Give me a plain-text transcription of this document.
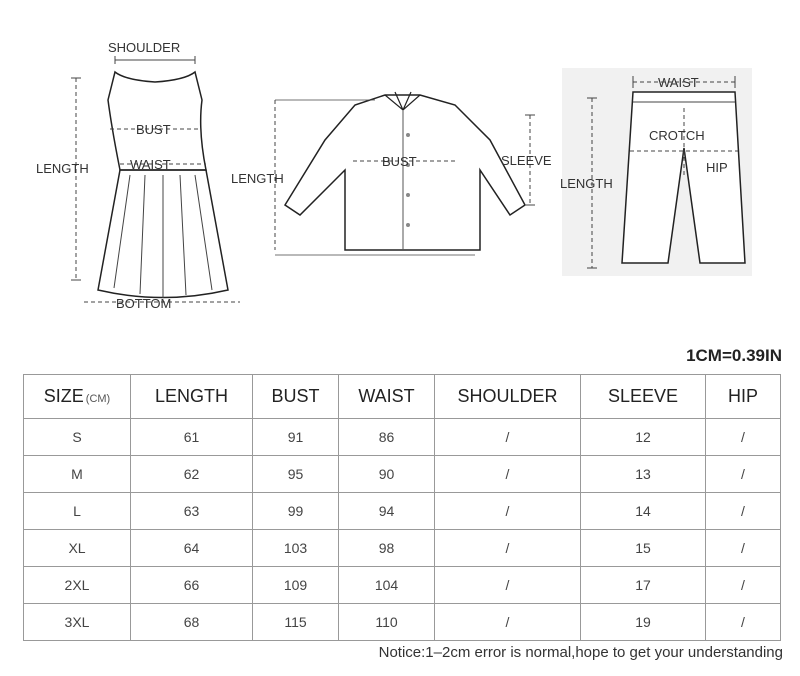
SHOULDER
BUST
WAIST
LENGTH
BOTTOM
LENGTH
BUST	SLEEVE
WAIST
CROTCH
HIP
LENGTH
1CM=0.39IN
SIZE (CM)	LENGTH	BUST	WAIST	SHOULDER	SLEEVE	HIP
S	61	91	86	/	12	/
M	62	95	90	/	13	/
L	63	99	94	/	14	/
XL	64	103	98	/	15	/
2XL	66	109	104	/	17	/
3XL	68	115	110	/	19	/
Notice:1–2cm error is normal,hope to get your understanding
